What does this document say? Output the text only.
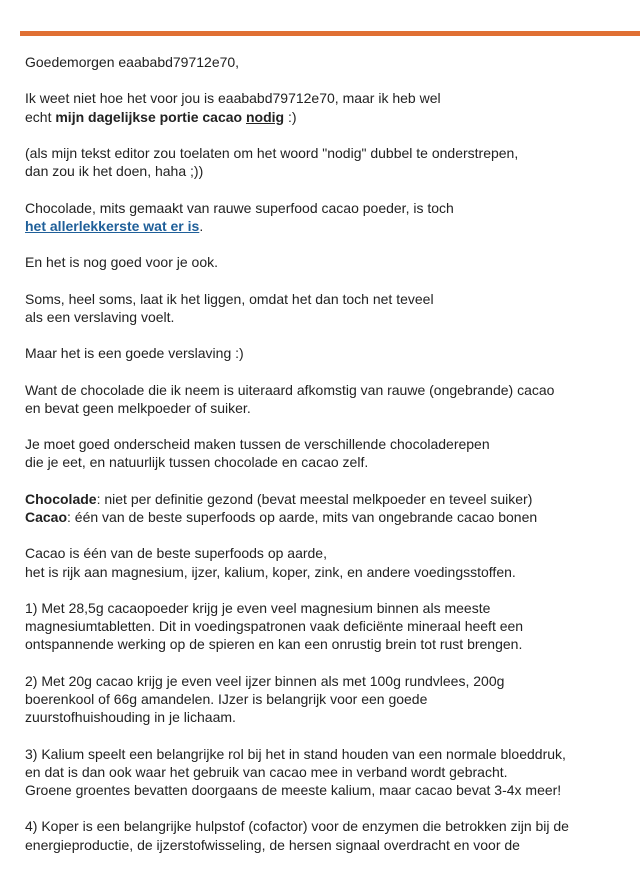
Goedemorgen eaababd79712e70,

Ik weet niet hoe het voor jou is eaababd79712e70, maar ik heb wel
echt mijn dagelijkse portie cacao nodig :)

(als mijn tekst editor zou toelaten om het woord "nodig" dubbel te onderstrepen,
dan zou ik het doen, haha ;))

Chocolade, mits gemaakt van rauwe superfood cacao poeder, is toch
het allerlekkerste wat er is.

En het is nog goed voor je ook.

Soms, heel soms, laat ik het liggen, omdat het dan toch net teveel
als een verslaving voelt.

Maar het is een goede verslaving :)

Want de chocolade die ik neem is uiteraard afkomstig van rauwe (ongebrande) cacao
en bevat geen melkpoeder of suiker.

Je moet goed onderscheid maken tussen de verschillende chocoladerepen
die je eet, en natuurlijk tussen chocolade en cacao zelf.

Chocolade: niet per definitie gezond (bevat meestal melkpoeder en teveel suiker)
Cacao: één van de beste superfoods op aarde, mits van ongebrande cacao bonen

Cacao is één van de beste superfoods op aarde,
het is rijk aan magnesium, ijzer, kalium, koper, zink, en andere voedingsstoffen.

1) Met 28,5g cacaopoeder krijg je even veel magnesium binnen als meeste
magnesiumtabletten. Dit in voedingspatronen vaak deficiënte mineraal heeft een
ontspannende werking op de spieren en kan een onrustig brein tot rust brengen.

2) Met 20g cacao krijg je even veel ijzer binnen als met 100g rundvlees, 200g
boerenkool of 66g amandelen. IJzer is belangrijk voor een goede
zuurstofhuishouding in je lichaam.

3) Kalium speelt een belangrijke rol bij het in stand houden van een normale bloeddruk,
en dat is dan ook waar het gebruik van cacao mee in verband wordt gebracht.
Groene groentes bevatten doorgaans de meeste kalium, maar cacao bevat 3-4x meer!

4) Koper is een belangrijke hulpstof (cofactor) voor de enzymen die betrokken zijn bij de
energieproductie, de ijzerstofwisseling, de hersen signaal overdracht en voor de
